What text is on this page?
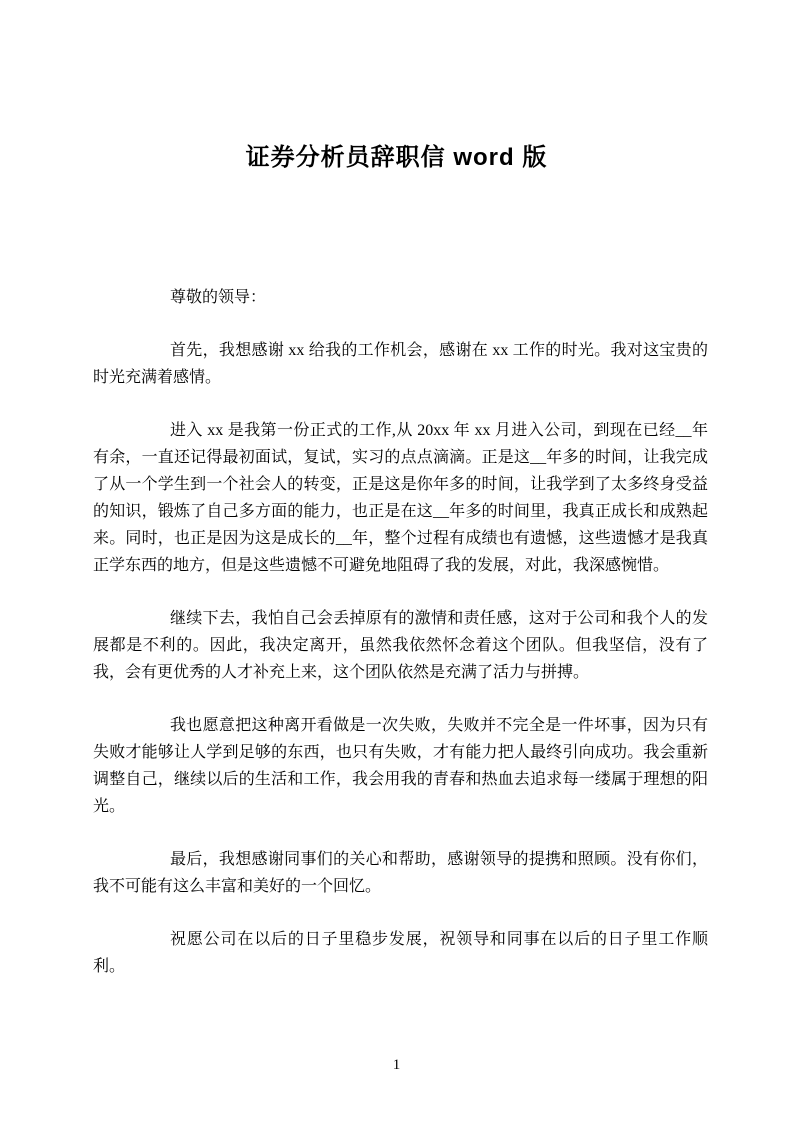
证券分析员辞职信 word 版

尊敬的领导：

首先，我想感谢 xx 给我的工作机会，感谢在 xx 工作的时光。我对这宝贵的时光充满着感情。

进入 xx 是我第一份正式的工作,从 20xx 年 xx 月进入公司，到现在已经__年有余，一直还记得最初面试，复试，实习的点点滴滴。正是这__年多的时间，让我完成了从一个学生到一个社会人的转变，正是这是你年多的时间，让我学到了太多终身受益的知识，锻炼了自己多方面的能力，也正是在这__年多的时间里，我真正成长和成熟起来。同时，也正是因为这是成长的__年，整个过程有成绩也有遗憾，这些遗憾才是我真正学东西的地方，但是这些遗憾不可避免地阻碍了我的发展，对此，我深感惋惜。

继续下去，我怕自己会丢掉原有的激情和责任感，这对于公司和我个人的发展都是不利的。因此，我决定离开，虽然我依然怀念着这个团队。但我坚信，没有了我，会有更优秀的人才补充上来，这个团队依然是充满了活力与拼搏。

我也愿意把这种离开看做是一次失败，失败并不完全是一件坏事，因为只有失败才能够让人学到足够的东西，也只有失败，才有能力把人最终引向成功。我会重新调整自己，继续以后的生活和工作，我会用我的青春和热血去追求每一缕属于理想的阳光。

最后，我想感谢同事们的关心和帮助，感谢领导的提携和照顾。没有你们，我不可能有这么丰富和美好的一个回忆。

祝愿公司在以后的日子里稳步发展，祝领导和同事在以后的日子里工作顺利。

1
